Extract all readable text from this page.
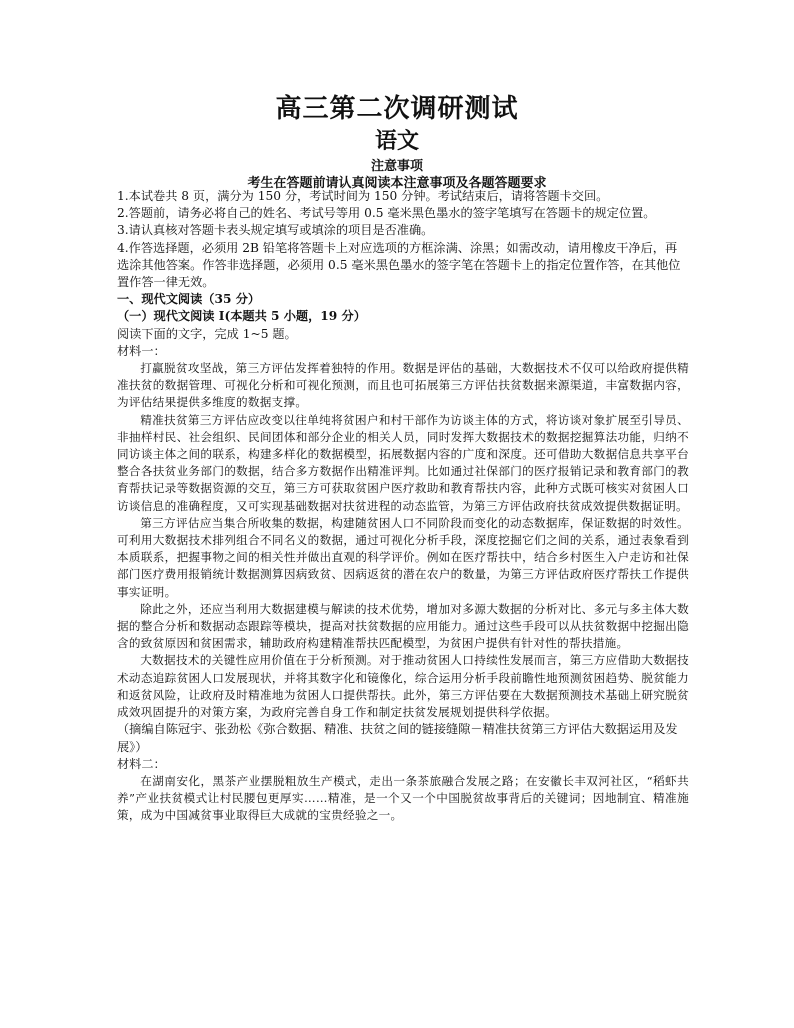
高三第二次调研测试
语文
注意事项
考生在答题前请认真阅读本注意事项及各题答题要求

1.本试卷共 8 页，满分为 150 分，考试时间为 150 分钟。考试结束后，请将答题卡交回。

2.答题前，请务必将自己的姓名、考试号等用 0.5 毫米黑色墨水的签字笔填写在答题卡的规定位置。

3.请认真核对答题卡表头规定填写或填涂的项目是否准确。

4.作答选择题，必须用 2B 铅笔将答题卡上对应选项的方框涂满、涂黑；如需改动，请用橡皮干净后，再选涂其他答案。作答非选择题，必须用 0.5 毫米黑色墨水的签字笔在答题卡上的指定位置作答，在其他位置作答一律无效。

一、现代文阅读（35 分）

（一）现代文阅读 I(本题共 5 小题，19 分）

阅读下面的文字，完成 1~5 题。

材料一：

打赢脱贫攻坚战，第三方评估发挥着独特的作用。数据是评估的基础，大数据技术不仅可以给政府提供精准扶贫的数据管理、可视化分析和可视化预测，而且也可拓展第三方评估扶贫数据来源渠道，丰富数据内容，为评估结果提供多维度的数据支撑。

精准扶贫第三方评估应改变以往单纯将贫困户和村干部作为访谈主体的方式，将访谈对象扩展至引导员、非抽样村民、社会组织、民间团体和部分企业的相关人员，同时发挥大数据技术的数据挖掘算法功能，归纳不同访谈主体之间的联系，构建多样化的数据模型，拓展数据内容的广度和深度。还可借助大数据信息共享平台整合各扶贫业务部门的数据，结合多方数据作出精准评判。比如通过社保部门的医疗报销记录和教育部门的教育帮扶记录等数据资源的交互，第三方可获取贫困户医疗救助和教育帮扶内容，此种方式既可核实对贫困人口访谈信息的准确程度，又可实现基础数据对扶贫进程的动态监管，为第三方评估政府扶贫成效提供数据证明。

第三方评估应当集合所收集的数据，构建随贫困人口不同阶段而变化的动态数据库，保证数据的时效性。可利用大数据技术排列组合不同名义的数据，通过可视化分析手段，深度挖掘它们之间的关系，通过表象看到本质联系，把握事物之间的相关性并做出直观的科学评价。例如在医疗帮扶中，结合乡村医生入户走访和社保部门医疗费用报销统计数据测算因病致贫、因病返贫的潜在农户的数量，为第三方评估政府医疗帮扶工作提供事实证明。

除此之外，还应当利用大数据建模与解读的技术优势，增加对多源大数据的分析对比、多元与多主体大数据的整合分析和数据动态跟踪等模块，提高对扶贫数据的应用能力。通过这些手段可以从扶贫数据中挖掘出隐含的致贫原因和贫困需求，辅助政府构建精准帮扶匹配模型，为贫困户提供有针对性的帮扶措施。

大数据技术的关键性应用价值在于分析预测。对于推动贫困人口持续性发展而言，第三方应借助大数据技术动态追踪贫困人口发展现状，并将其数字化和镜像化，综合运用分析手段前瞻性地预测贫困趋势、脱贫能力和返贫风险，让政府及时精准地为贫困人口提供帮扶。此外，第三方评估要在大数据预测技术基础上研究脱贫成效巩固提升的对策方案，为政府完善自身工作和制定扶贫发展规划提供科学依据。

（摘编自陈冠宇、张劲松《弥合数据、精准、扶贫之间的链接缝隙－精准扶贫第三方评估大数据运用及发展》）

材料二：

在湖南安化，黑茶产业摆脱粗放生产模式，走出一条茶旅融合发展之路；在安徽长丰双河社区，“稻虾共养”产业扶贫模式让村民腰包更厚实……精准，是一个又一个中国脱贫故事背后的关键词；因地制宜、精准施策，成为中国减贫事业取得巨大成就的宝贵经验之一。
